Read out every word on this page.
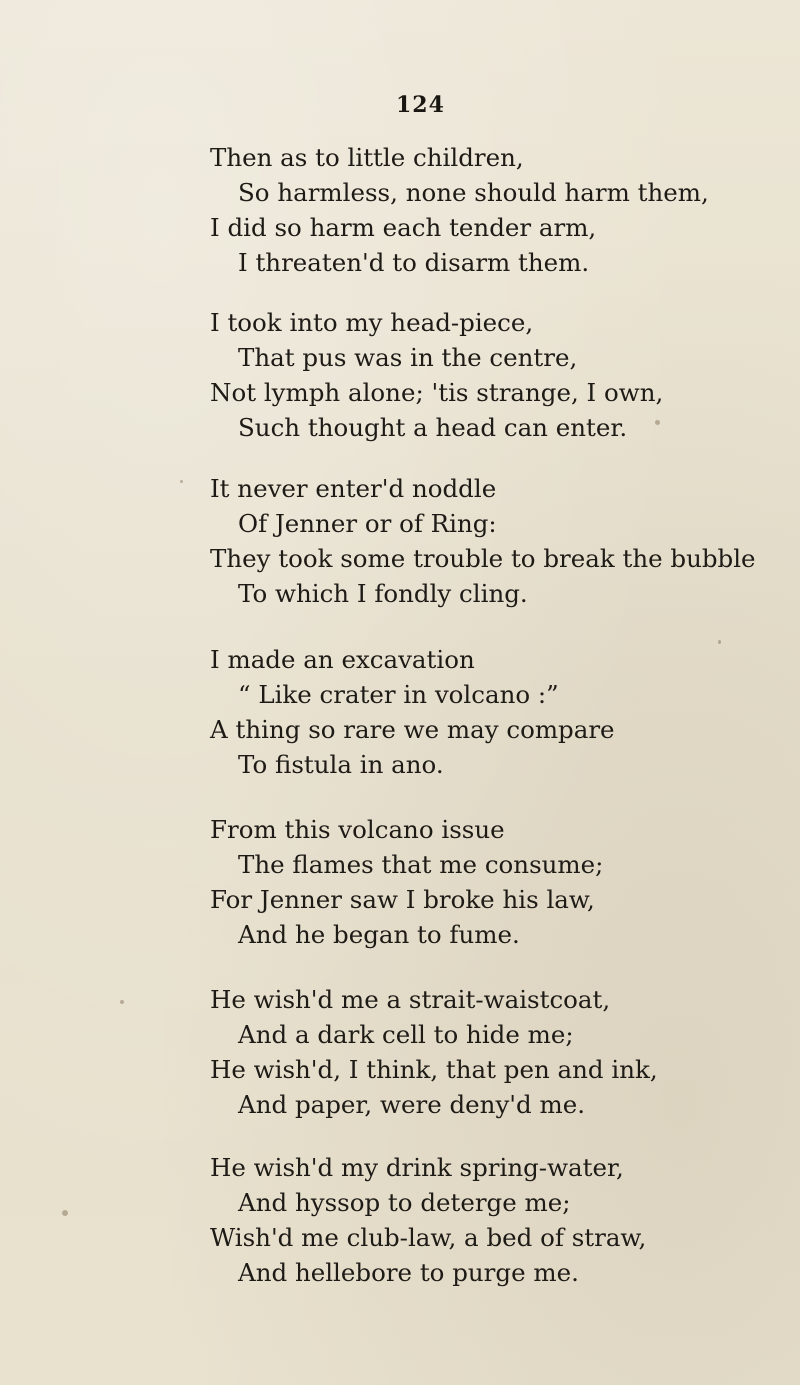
124
Then as to little children,
So harmless, none should harm them,
I did so harm each tender arm,
I threaten'd to disarm them.
I took into my head-piece,
That pus was in the centre,
Not lymph alone; 'tis strange, I own,
Such thought a head can enter.
It never enter'd noddle
Of Jenner or of Ring:
They took some trouble to break the bubble
To which I fondly cling.
I made an excavation
“ Like crater in volcano :”
A thing so rare we may compare
To fistula in ano.
From this volcano issue
The flames that me consume;
For Jenner saw I broke his law,
And he began to fume.
He wish'd me a strait-waistcoat,
And a dark cell to hide me;
He wish'd, I think, that pen and ink,
And paper, were deny'd me.
He wish'd my drink spring-water,
And hyssop to deterge me;
Wish'd me club-law, a bed of straw,
And hellebore to purge me.
